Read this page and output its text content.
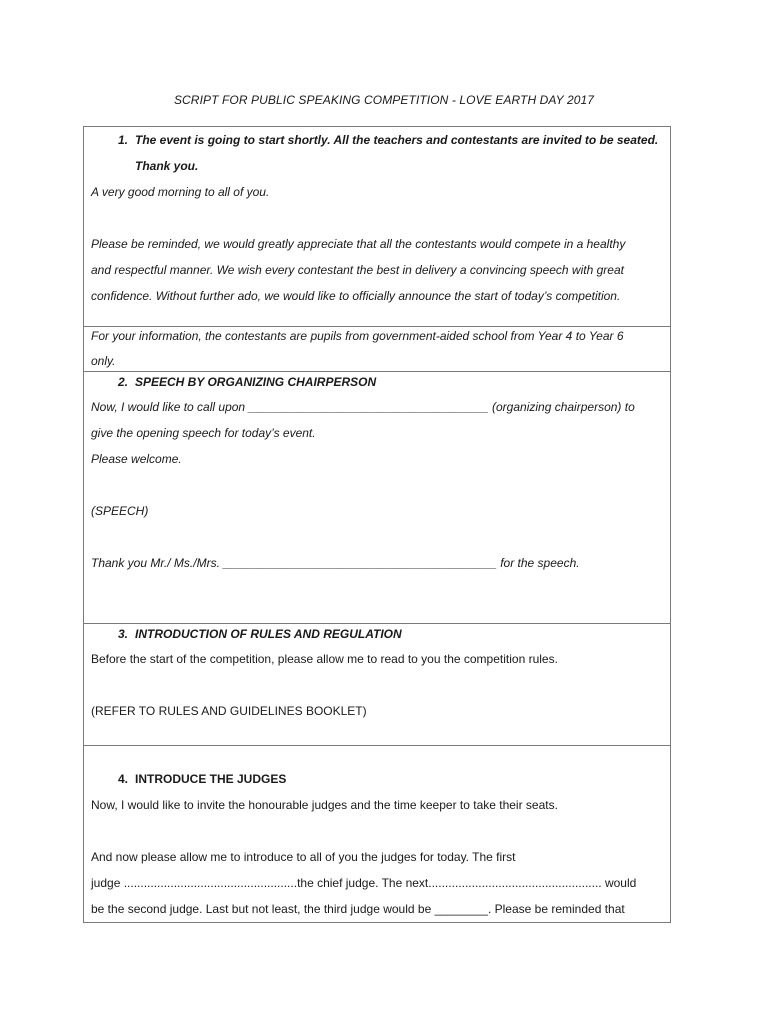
SCRIPT FOR PUBLIC SPEAKING COMPETITION - LOVE EARTH DAY 2017
1. The event is going to start shortly. All the teachers and contestants are invited to be seated.
Thank you.
A very good morning to all of you.
Please be reminded, we would greatly appreciate that all the contestants would compete in a healthy
and respectful manner. We wish every contestant the best in delivery a convincing speech with great
confidence. Without further ado, we would like to officially announce the start of today’s competition.
For your information, the contestants are pupils from government-aided school from Year 4 to Year 6
only.
2. SPEECH BY ORGANIZING CHAIRPERSON
Now, I would like to call upon ____________________________________ (organizing chairperson) to
give the opening speech for today’s event.
Please welcome.
(SPEECH)
Thank you Mr./ Ms./Mrs. _________________________________________ for the speech.
3. INTRODUCTION OF RULES AND REGULATION
Before the start of the competition, please allow me to read to you the competition rules.
(REFER TO RULES AND GUIDELINES BOOKLET)
4. INTRODUCE THE JUDGES
Now, I would like to invite the honourable judges and the time keeper to take their seats.
And now please allow me to introduce to all of you the judges for today. The first
judge ....................................................the chief judge. The next.................................................... would
be the second judge. Last but not least, the third judge would be ________. Please be reminded that
